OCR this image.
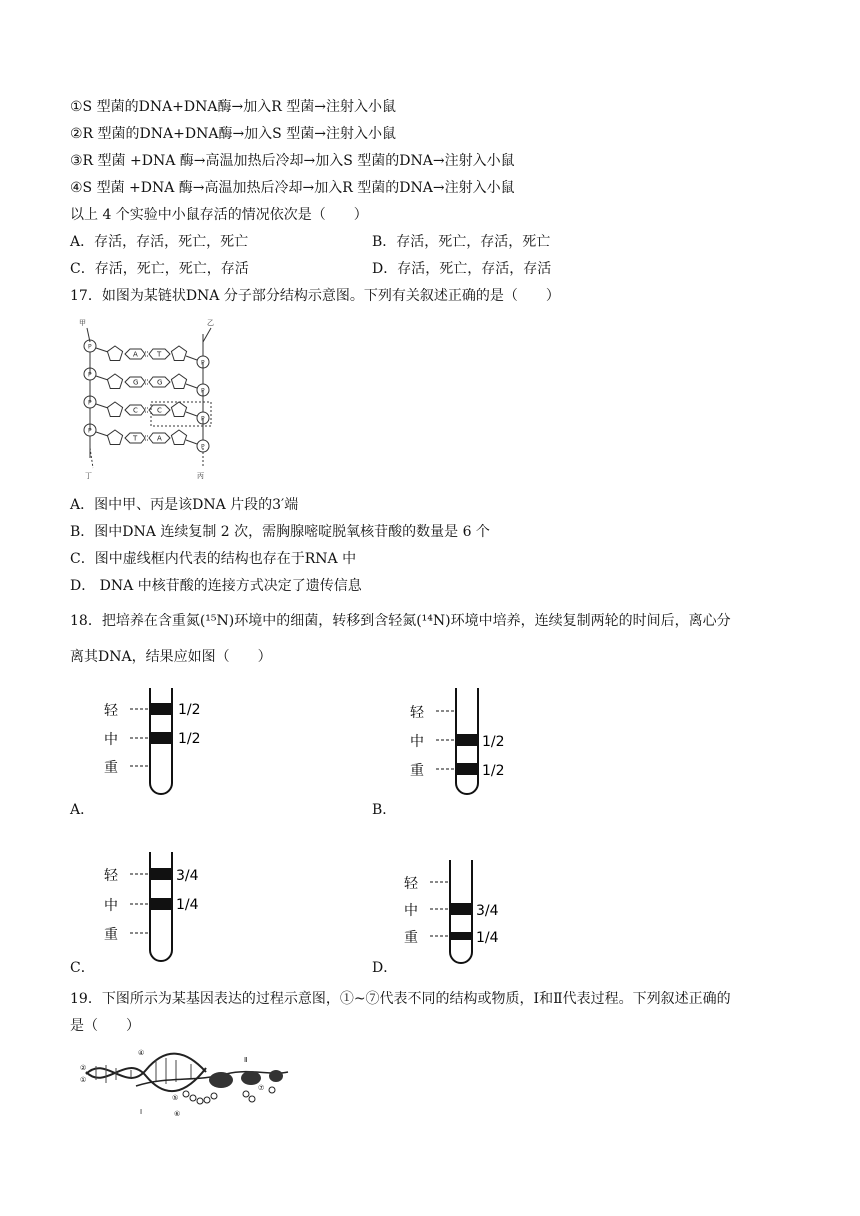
①S 型菌的DNA+DNA酶→加入R 型菌→注射入小鼠
②R 型菌的DNA+DNA酶→加入S 型菌→注射入小鼠
③R 型菌 +DNA 酶→高温加热后冷却→加入S 型菌的DNA→注射入小鼠
④S 型菌 +DNA 酶→高温加热后冷却→加入R 型菌的DNA→注射入小鼠
以上 4 个实验中小鼠存活的情况依次是（　　）
A．存活，存活，死亡，死亡	B．存活，死亡，存活，死亡
C．存活，死亡，死亡，存活	D．存活，死亡，存活，存活
17．如图为某链状DNA 分子部分结构示意图。下列有关叙述正确的是（　　）
甲	乙
丁	丙
P
P
A	T
P
P
G	G
P
P
C	C
P
P
T	A
A．图中甲、丙是该DNA 片段的3′端
B．图中DNA 连续复制 2 次，需胸腺嘧啶脱氧核苷酸的数量是 6 个
C．图中虚线框内代表的结构也存在于RNA 中
D． DNA 中核苷酸的连接方式决定了遗传信息
18．把培养在含重氮(¹⁵N)环境中的细菌，转移到含轻氮(¹⁴N)环境中培养，连续复制两轮的时间后，离心分
离其DNA，结果应如图（　　）
轻
中
重
1/2
1/2
A．
轻
中
重
1/2
1/2
B．
轻
中
重
3/4
1/4
C．
轻
中
重
3/4
1/4
D．
19．下图所示为某基因表达的过程示意图，①~⑦代表不同的结构或物质，Ⅰ和Ⅱ代表过程。下列叙述正确的
是（　　）
②
①
④
⑤
⑥
⑦
Ⅰ
Ⅱ
